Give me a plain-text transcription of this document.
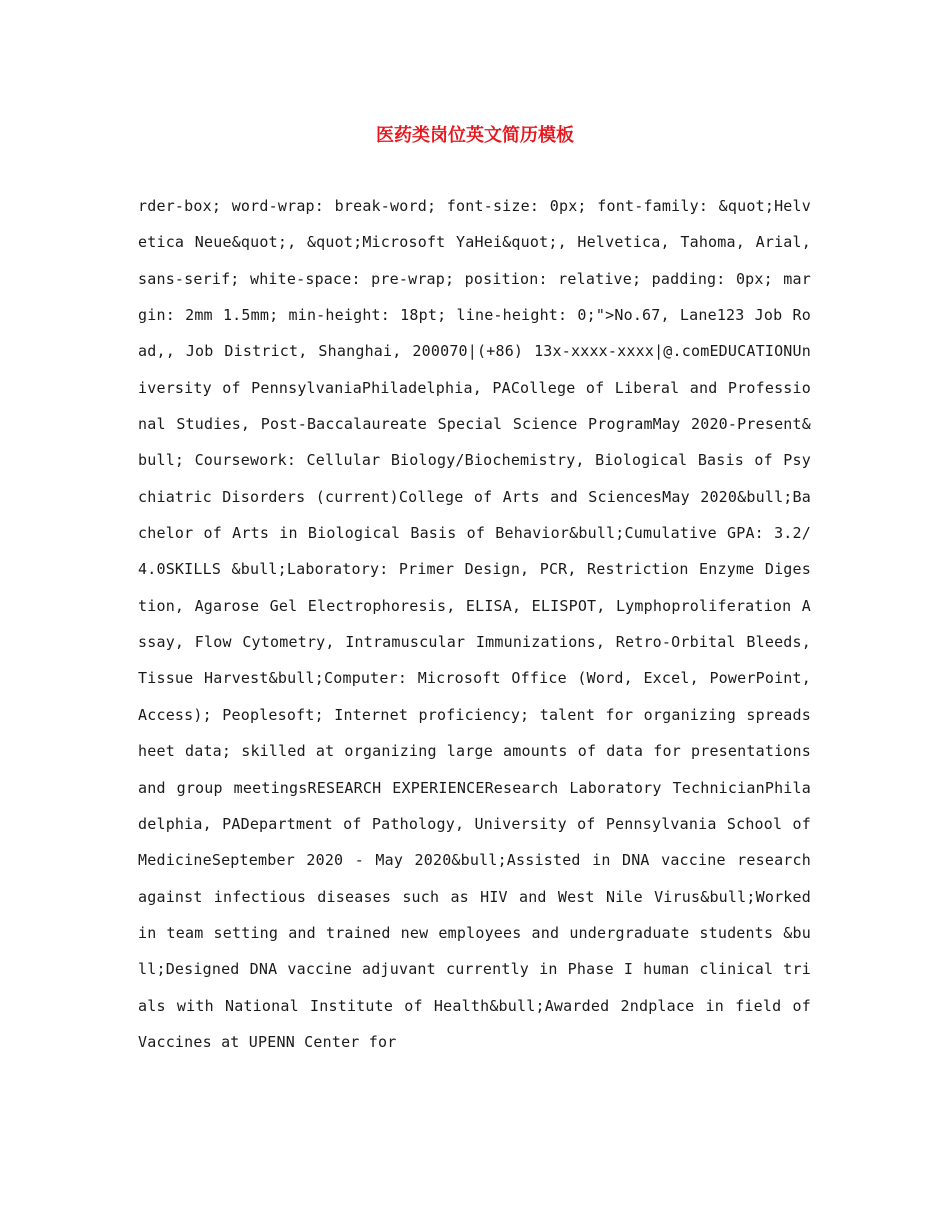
医药类岗位英文简历模板

rder-box; word-wrap: break-word; font-size: 0px; font-family: &quot;Helvetica Neue&quot;, &quot;Microsoft YaHei&quot;, Helvetica, Tahoma, Arial, sans-serif; white-space: pre-wrap; position: relative; padding: 0px; margin: 2mm 1.5mm; min-height: 18pt; line-height: 0;">No.67, Lane123 Job Road,, Job District, Shanghai, 200070|(+86) 13x-xxxx-xxxx|@.comEDUCATIONUniversity of PennsylvaniaPhiladelphia, PACollege of Liberal and Professional Studies, Post-Baccalaureate Special Science ProgramMay 2020-Present&bull; Coursework: Cellular Biology/Biochemistry, Biological Basis of Psychiatric Disorders (current)College of Arts and SciencesMay 2020&bull;Bachelor of Arts in Biological Basis of Behavior&bull;Cumulative GPA: 3.2/4.0SKILLS &bull;Laboratory: Primer Design, PCR, Restriction Enzyme Digestion, Agarose Gel Electrophoresis, ELISA, ELISPOT, Lymphoproliferation Assay, Flow Cytometry, Intramuscular Immunizations, Retro-Orbital Bleeds, Tissue Harvest&bull;Computer: Microsoft Office (Word, Excel, PowerPoint, Access); Peoplesoft; Internet proficiency; talent for organizing spreadsheet data; skilled at organizing large amounts of data for presentations and group meetingsRESEARCH EXPERIENCEResearch Laboratory TechnicianPhiladelphia, PADepartment of Pathology, University of Pennsylvania School of MedicineSeptember 2020 - May 2020&bull;Assisted in DNA vaccine research against infectious diseases such as HIV and West Nile Virus&bull;Worked in team setting and trained new employees and undergraduate students &bull;Designed DNA vaccine adjuvant currently in Phase I human clinical trials with National Institute of Health&bull;Awarded 2ndplace in field of Vaccines at UPENN Center for
